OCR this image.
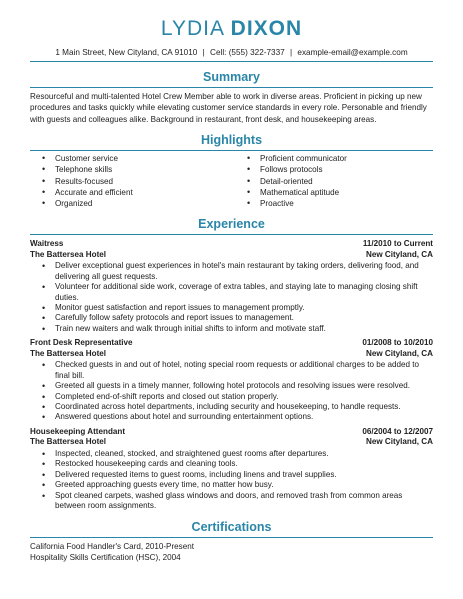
LYDIA DIXON
1 Main Street, New Cityland, CA 91010 | Cell: (555) 322-7337 | example-email@example.com
Summary
Resourceful and multi-talented Hotel Crew Member able to work in diverse areas. Proficient in picking up new procedures and tasks quickly while elevating customer service standards in every role. Personable and friendly with guests and colleagues alike. Background in restaurant, front desk, and housekeeping areas.
Highlights
• Customer service
• Telephone skills
• Results-focused
• Accurate and efficient
• Organized
• Proficient communicator
• Follows protocols
• Detail-oriented
• Mathematical aptitude
• Proactive
Experience
Waitress	11/2010 to Current
The Battersea Hotel	New Cityland, CA
• Deliver exceptional guest experiences in hotel's main restaurant by taking orders, delivering food, and delivering all guest requests.
• Volunteer for additional side work, coverage of extra tables, and staying late to managing closing shift duties.
• Monitor guest satisfaction and report issues to management promptly.
• Carefully follow safety protocols and report issues to management.
• Train new waiters and walk through initial shifts to inform and motivate staff.
Front Desk Representative	01/2008 to 10/2010
The Battersea Hotel	New Cityland, CA
• Checked guests in and out of hotel, noting special room requests or additional charges to be added to final bill.
• Greeted all guests in a timely manner, following hotel protocols and resolving issues were resolved.
• Completed end-of-shift reports and closed out station properly.
• Coordinated across hotel departments, including security and housekeeping, to handle requests.
• Answered questions about hotel and surrounding entertainment options.
Housekeeping Attendant	06/2004 to 12/2007
The Battersea Hotel	New Cityland, CA
• Inspected, cleaned, stocked, and straightened guest rooms after departures.
• Restocked housekeeping cards and cleaning tools.
• Delivered requested items to guest rooms, including linens and travel supplies.
• Greeted approaching guests every time, no matter how busy.
• Spot cleaned carpets, washed glass windows and doors, and removed trash from common areas between room assignments.
Certifications
California Food Handler's Card, 2010-Present
Hospitality Skills Certification (HSC), 2004
